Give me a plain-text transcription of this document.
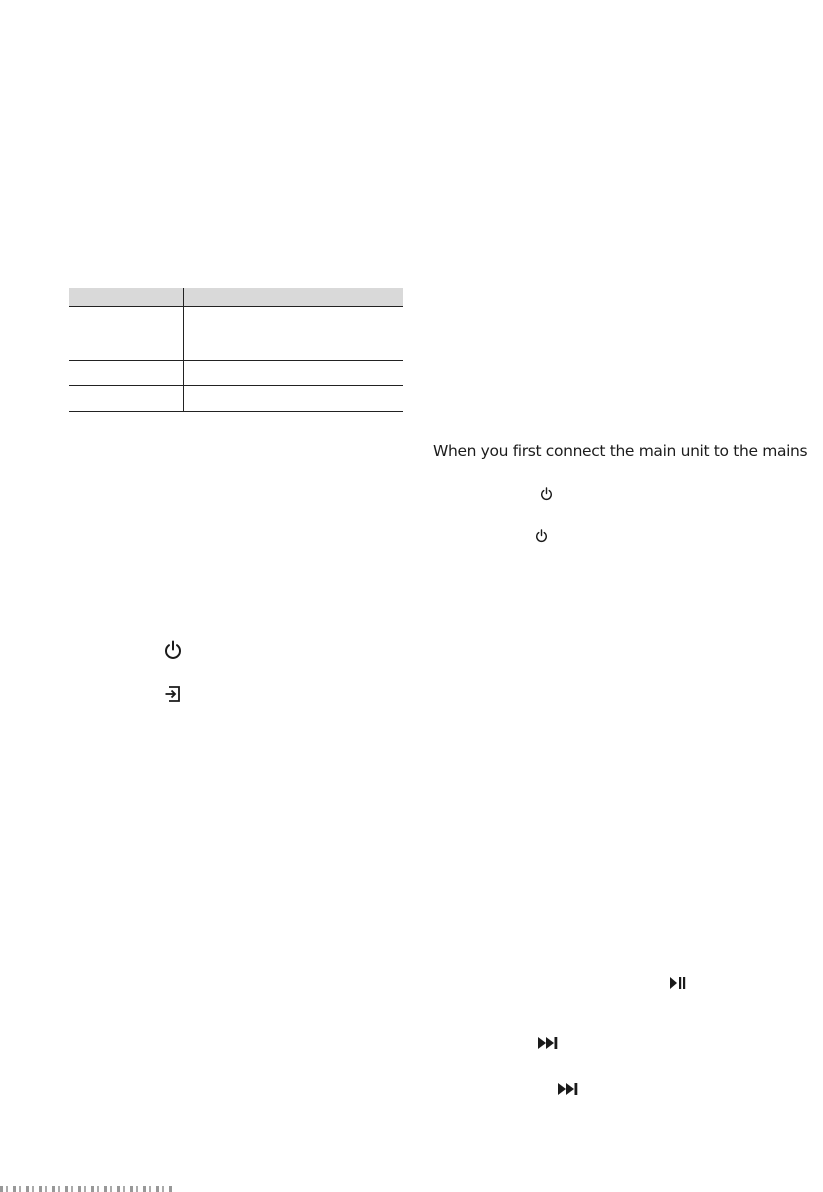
When you first connect the main unit to the mains
